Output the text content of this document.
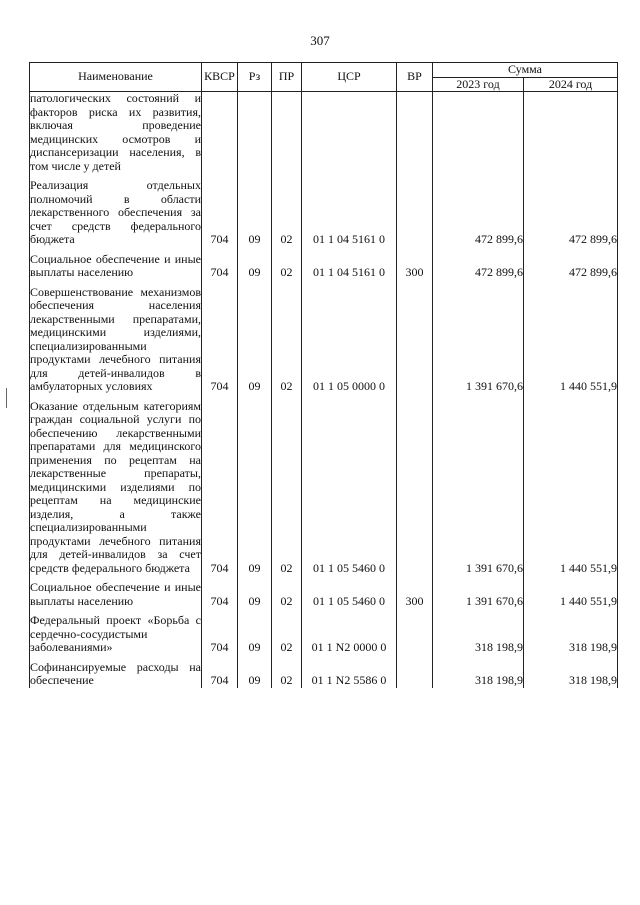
307
Наименование	КВСР	Рз	ПР	ЦСР	ВР	Сумма	
						2023 год	2024 год
патологических состояний и факторов риска их развития, включая проведение медицинских осмотров и диспансеризации населения, в том числе у детей							

Реализация отдельных полномочий в области лекарственного обеспечения за счет средств федерального бюджета	704	09	02	01 1 04 5161 0		472 899,6	472 899,6

Социальное обеспечение и иные выплаты населению	704	09	02	01 1 04 5161 0	300	472 899,6	472 899,6

Совершенствование механизмов обеспечения населения лекарственными препаратами, медицинскими изделиями, специализированными продуктами лечебного питания для детей-инвалидов в амбулаторных условиях	704	09	02	01 1 05 0000 0		1 391 670,6	1 440 551,9

Оказание отдельным категориям граждан социальной услуги по обеспечению лекарственными препаратами для медицинского применения по рецептам на лекарственные препараты, медицинскими изделиями по рецептам на медицинские изделия, а также специализированными продуктами лечебного питания для детей-инвалидов за счет средств федерального бюджета	704	09	02	01 1 05 5460 0		1 391 670,6	1 440 551,9

Социальное обеспечение и иные выплаты населению	704	09	02	01 1 05 5460 0	300	1 391 670,6	1 440 551,9

Федеральный проект «Борьба с сердечно-сосудистыми заболеваниями»	704	09	02	01 1 N2 0000 0		318 198,9	318 198,9

Софинансируемые расходы на обеспечение	704	09	02	01 1 N2 5586 0		318 198,9	318 198,9
